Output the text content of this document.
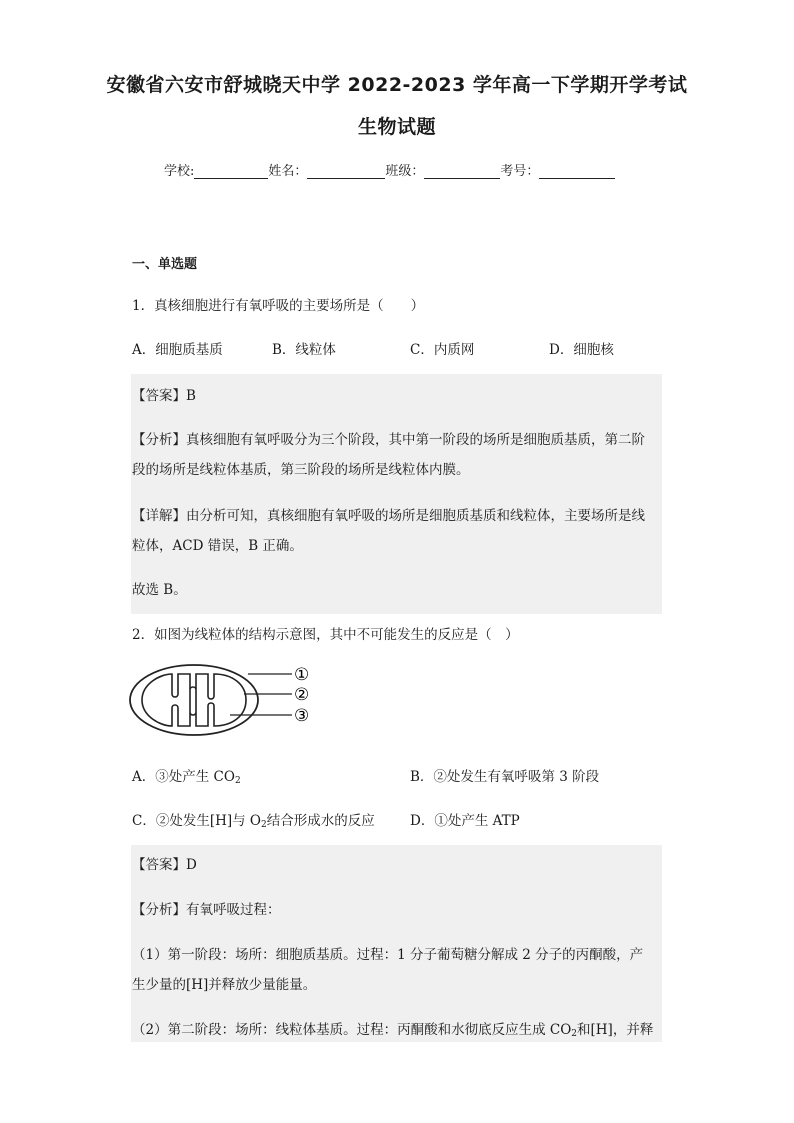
安徽省六安市舒城晓天中学 2022-2023 学年高一下学期开学考试
生物试题
学校:	姓名：	班级：	考号：
一、单选题
1．真核细胞进行有氧呼吸的主要场所是（　　）
A．细胞质基质	B．线粒体	C．内质网	D．细胞核
【答案】B
【分析】真核细胞有氧呼吸分为三个阶段，其中第一阶段的场所是细胞质基质，第二阶
段的场所是线粒体基质，第三阶段的场所是线粒体内膜。
【详解】由分析可知，真核细胞有氧呼吸的场所是细胞质基质和线粒体，主要场所是线
粒体，ACD 错误，B 正确。
故选 B。
2．如图为线粒体的结构示意图，其中不可能发生的反应是（　）
①
②
③
A．③处产生 $CO_2$	B．②处发生有氧呼吸第 3 阶段
C．②处发生[H]与 $O_2$结合形成水的反应	D．①处产生 ATP
【答案】D
【分析】有氧呼吸过程：
（1）第一阶段：场所：细胞质基质。过程：1 分子葡萄糖分解成 2 分子的丙酮酸，产
生少量的[H]并释放少量能量。
（2）第二阶段：场所：线粒体基质。过程：丙酮酸和水彻底反应生成 $CO_2$和[H]，并释
